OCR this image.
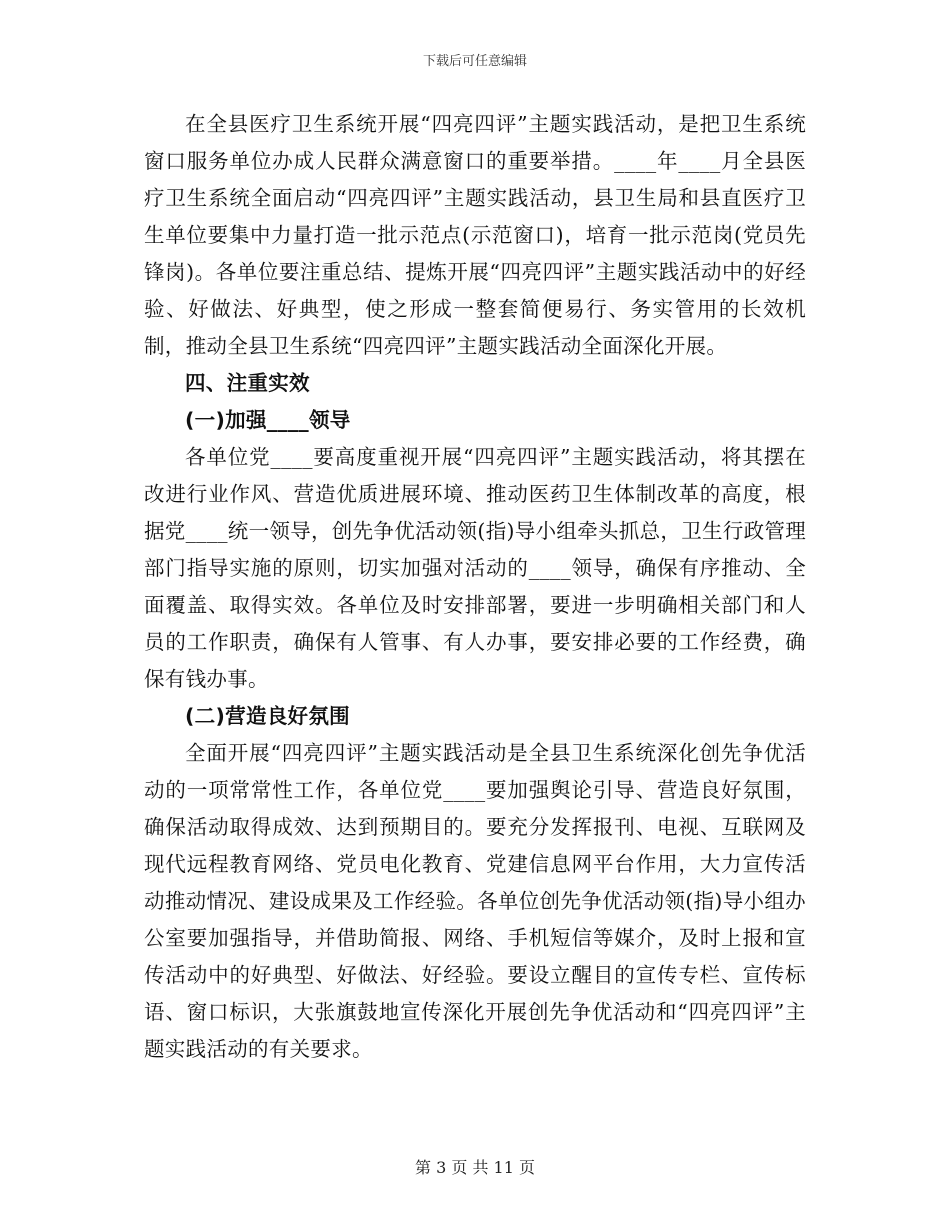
下载后可任意编辑

在全县医疗卫生系统开展“四亮四评”主题实践活动，是把卫生系统窗口服务单位办成人民群众满意窗口的重要举措。____年____月全县医疗卫生系统全面启动“四亮四评”主题实践活动，县卫生局和县直医疗卫生单位要集中力量打造一批示范点(示范窗口)，培育一批示范岗(党员先锋岗)。各单位要注重总结、提炼开展“四亮四评”主题实践活动中的好经验、好做法、好典型，使之形成一整套简便易行、务实管用的长效机制，推动全县卫生系统“四亮四评”主题实践活动全面深化开展。

四、注重实效

(一)加强____领导

各单位党____要高度重视开展“四亮四评”主题实践活动，将其摆在改进行业作风、营造优质进展环境、推动医药卫生体制改革的高度，根据党____统一领导，创先争优活动领(指)导小组牵头抓总，卫生行政管理部门指导实施的原则，切实加强对活动的____领导，确保有序推动、全面覆盖、取得实效。各单位及时安排部署，要进一步明确相关部门和人员的工作职责，确保有人管事、有人办事，要安排必要的工作经费，确保有钱办事。

(二)营造良好氛围

全面开展“四亮四评”主题实践活动是全县卫生系统深化创先争优活动的一项常常性工作，各单位党____要加强舆论引导、营造良好氛围，确保活动取得成效、达到预期目的。要充分发挥报刊、电视、互联网及现代远程教育网络、党员电化教育、党建信息网平台作用，大力宣传活动推动情况、建设成果及工作经验。各单位创先争优活动领(指)导小组办公室要加强指导，并借助简报、网络、手机短信等媒介，及时上报和宣传活动中的好典型、好做法、好经验。要设立醒目的宣传专栏、宣传标语、窗口标识，大张旗鼓地宣传深化开展创先争优活动和“四亮四评”主题实践活动的有关要求。

第 3 页 共 11 页
